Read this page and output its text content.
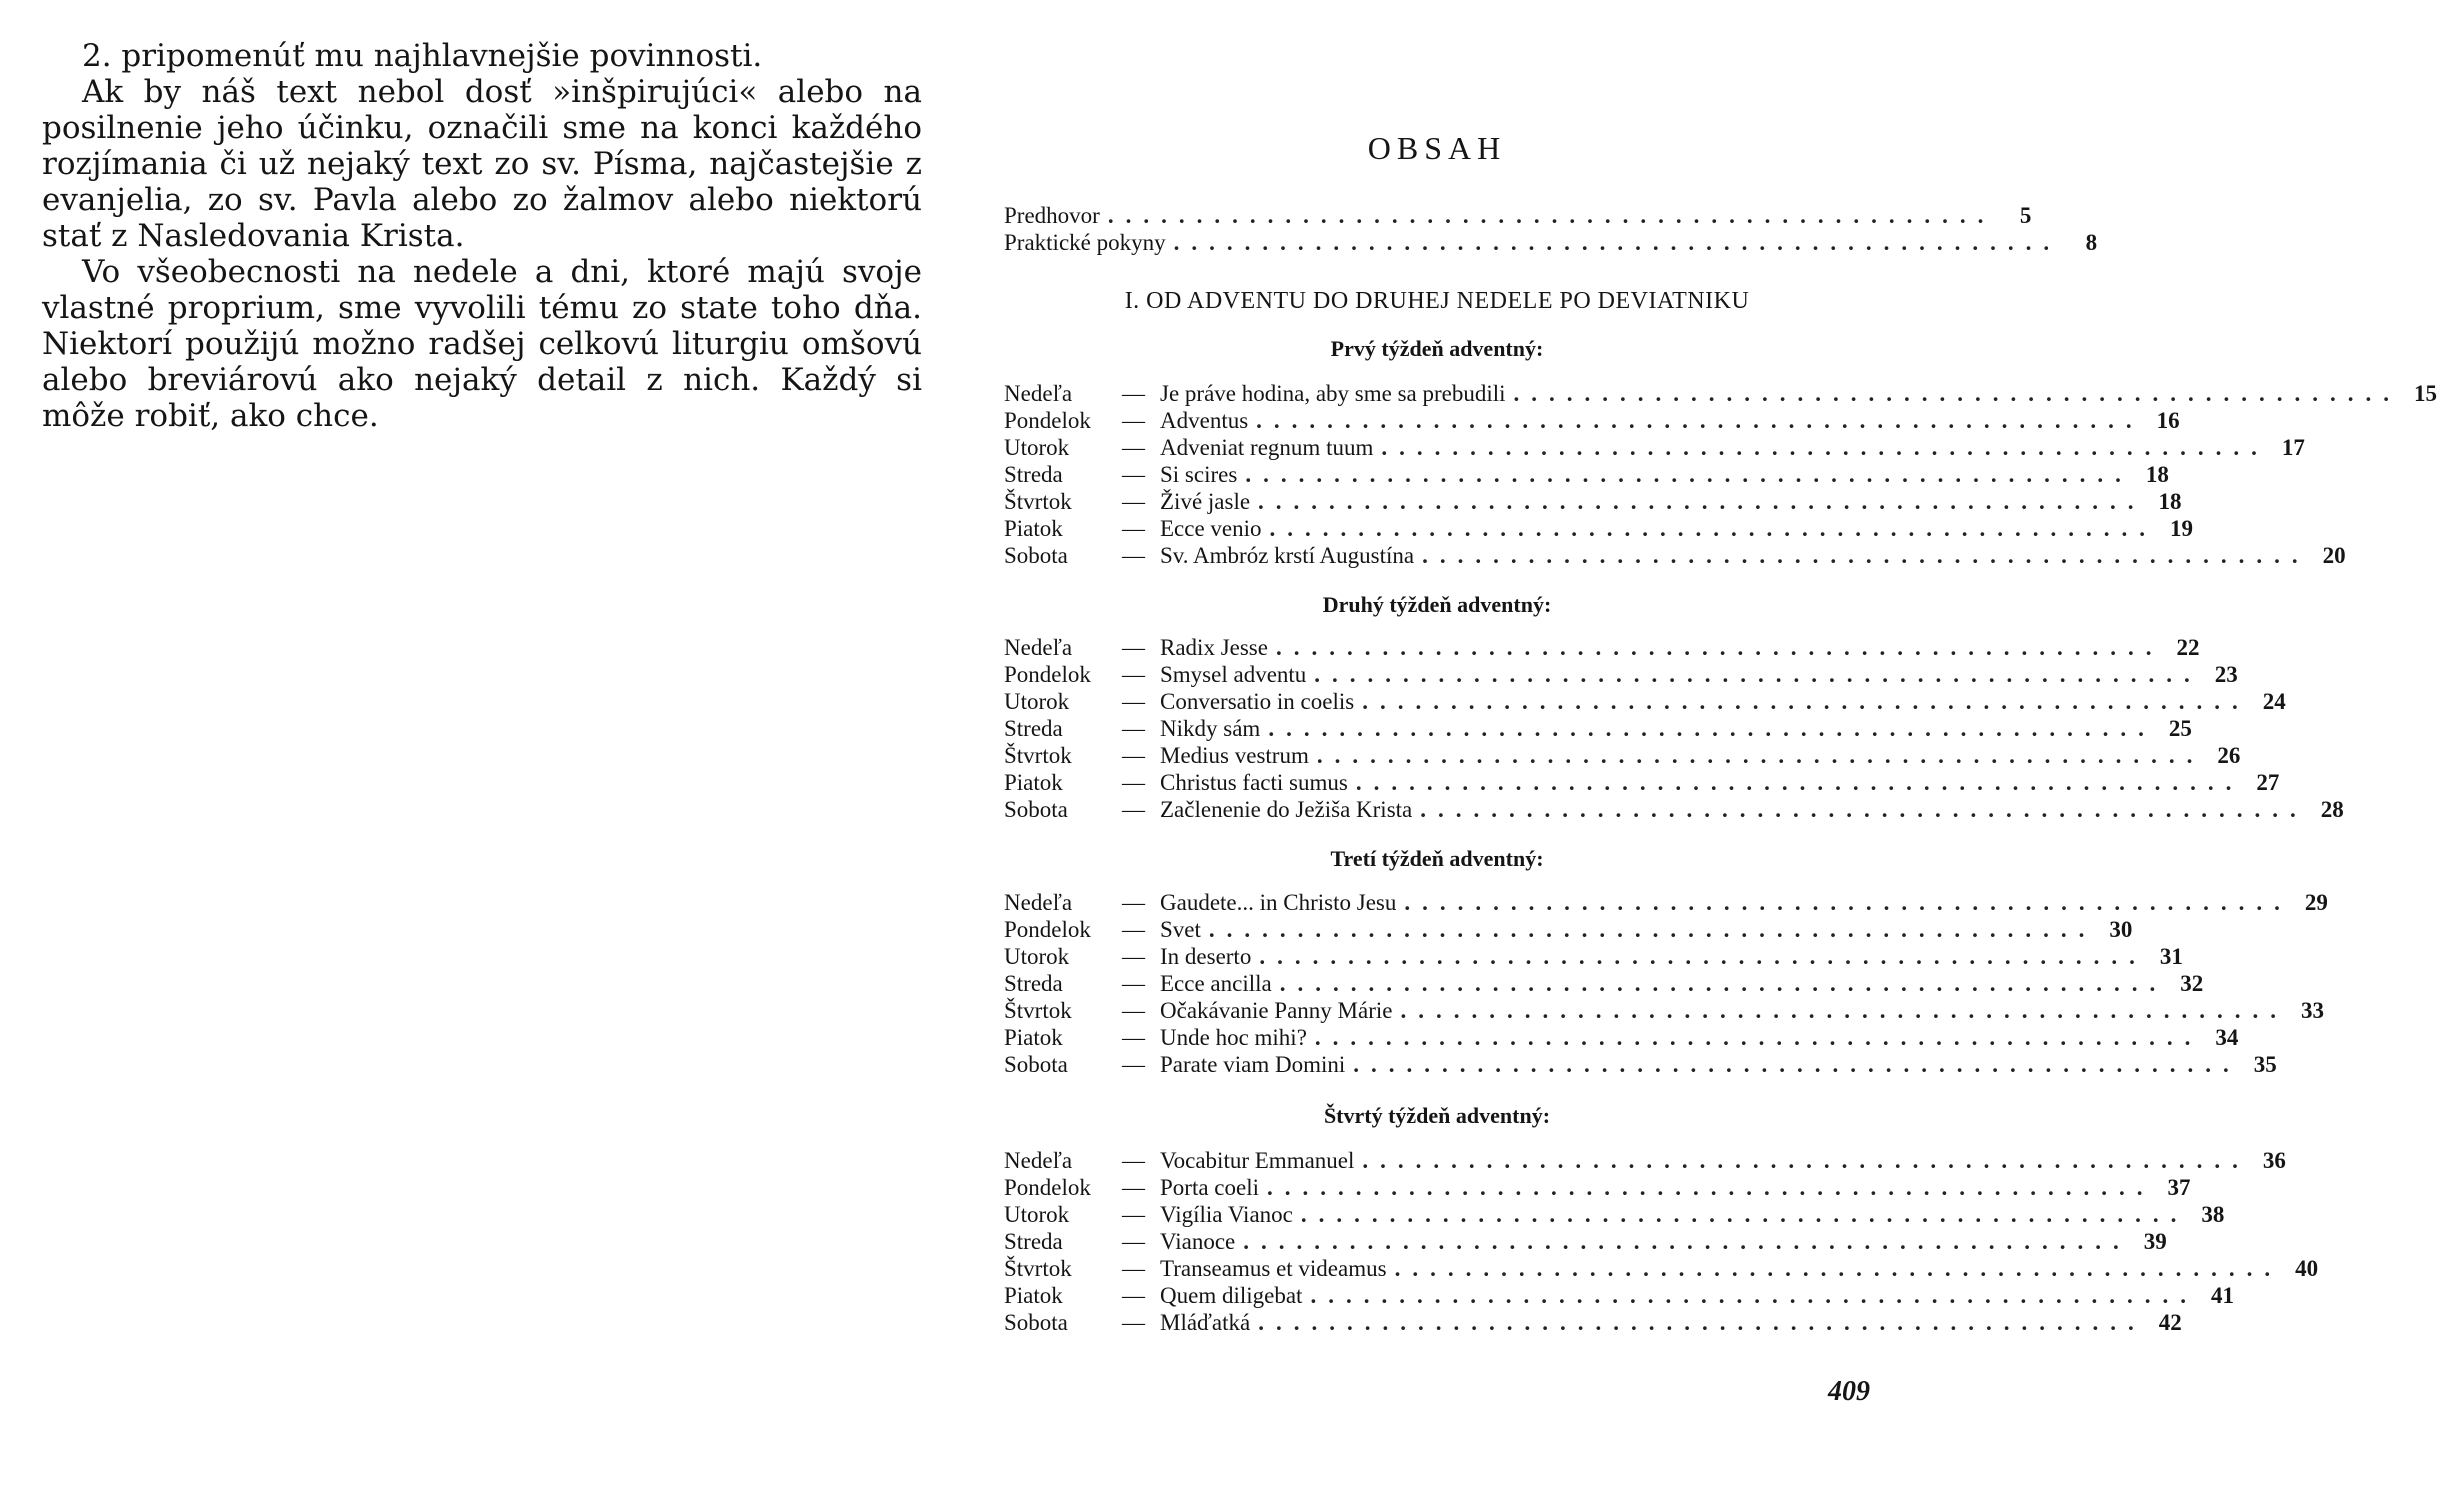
2. pripomenúť mu najhlavnejšie povinnosti.

Ak by náš text nebol dosť »inšpirujúci« alebo na posilnenie jeho účinku, označili sme na konci každého rozjímania či už nejaký text zo sv. Písma, najčastejšie z evanjelia, zo sv. Pavla alebo zo žalmov alebo niektorú stať z Nasledovania Krista.

Vo všeobecnosti na nedele a dni, ktoré majú svoje vlastné proprium, sme vyvolili tému zo state toho dňa. Niektorí použijú možno radšej celkovú liturgiu omšovú alebo breviárovú ako nejaký detail z nich. Každý si môže robiť, ako chce.

OBSAH
Predhovor ..................................................	5
Praktické pokyny ..................................................	8
I. OD ADVENTU DO DRUHEJ NEDELE PO DEVIATNIKU
Prvý týždeň adventný:
Nedeľa	— Je práve hodina, aby sme sa prebudili .................................................. 15
Pondelok	— Adventus .................................................. 16
Utorok	— Adveniat regnum tuum .................................................. 17
Streda	— Si scires .................................................. 18
Štvrtok	— Živé jasle .................................................. 18
Piatok	— Ecce venio .................................................. 19
Sobota	— Sv. Ambróz krstí Augustína .................................................. 20
Druhý týždeň adventný:
Nedeľa	— Radix Jesse .................................................. 22
Pondelok	— Smysel adventu .................................................. 23
Utorok	— Conversatio in coelis .................................................. 24
Streda	— Nikdy sám .................................................. 25
Štvrtok	— Medius vestrum .................................................. 26
Piatok	— Christus facti sumus .................................................. 27
Sobota	— Začlenenie do Ježiša Krista .................................................. 28
Tretí týždeň adventný:
Nedeľa	— Gaudete... in Christo Jesu .................................................. 29
Pondelok	— Svet .................................................. 30
Utorok	— In deserto .................................................. 31
Streda	— Ecce ancilla .................................................. 32
Štvrtok	— Očakávanie Panny Márie .................................................. 33
Piatok	— Unde hoc mihi? .................................................. 34
Sobota	— Parate viam Domini .................................................. 35
Štvrtý týždeň adventný:
Nedeľa	— Vocabitur Emmanuel .................................................. 36
Pondelok	— Porta coeli .................................................. 37
Utorok	— Vigília Vianoc .................................................. 38
Streda	— Vianoce .................................................. 39
Štvrtok	— Transeamus et videamus .................................................. 40
Piatok	— Quem diligebat .................................................. 41
Sobota	— Mláďatká .................................................. 42
409
